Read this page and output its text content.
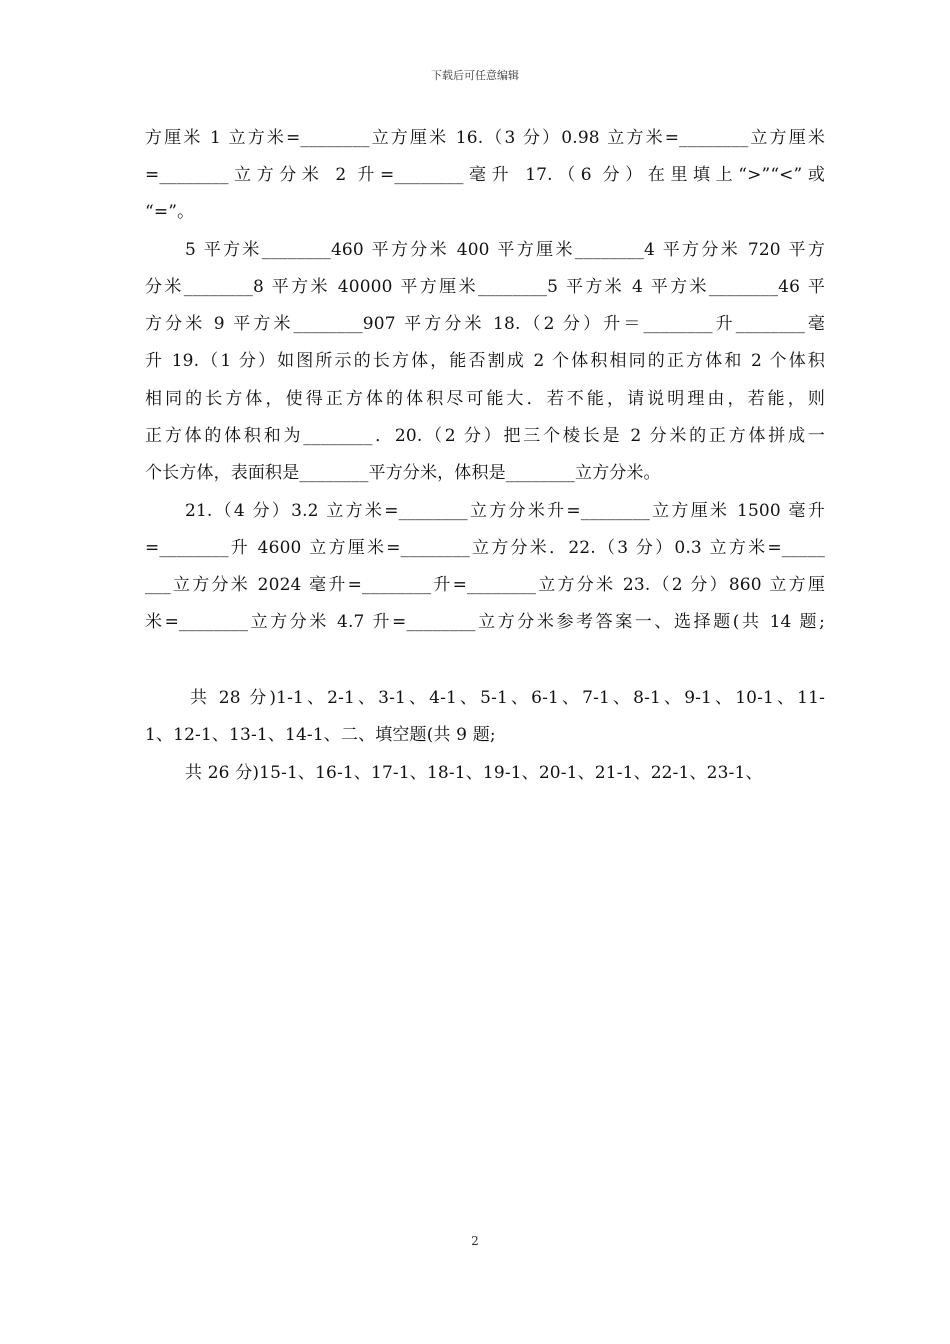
下载后可任意编辑
方厘米 1 立方米=________立方厘米 16.（3 分）0.98 立方米=________立方厘米
=________立方分米 2 升=________毫升 17.（6 分）在里填上“>”“<”或
“=”。
5 平方米________460 平方分米 400 平方厘米________4 平方分米 720 平方
分米________8 平方米 40000 平方厘米________5 平方米 4 平方米________46 平
方分米 9 平方米________907 平方分米 18.（2 分）升＝________升________毫
升 19.（1 分）如图所示的长方体，能否割成 2 个体积相同的正方体和 2 个体积
相同的长方体，使得正方体的体积尽可能大．若不能，请说明理由，若能，则
正方体的体积和为________．20.（2 分）把三个棱长是 2 分米的正方体拼成一
个长方体，表面积是________平方分米，体积是________立方分米。
21.（4 分）3.2 立方米=________立方分米升=________立方厘米 1500 毫升
=________升 4600 立方厘米=________立方分米．22.（3 分）0.3 立方米=_____
___立方分米 2024 毫升=________升=________立方分米 23.（2 分）860 立方厘
米=________立方分米 4.7 升=________立方分米参考答案一、选择题(共 14 题;
共 28 分)1-1、2-1、3-1、4-1、5-1、6-1、7-1、8-1、9-1、10-1、11-
1、12-1、13-1、14-1、二、填空题(共 9 题;
共 26 分)15-1、16-1、17-1、18-1、19-1、20-1、21-1、22-1、23-1、
2
